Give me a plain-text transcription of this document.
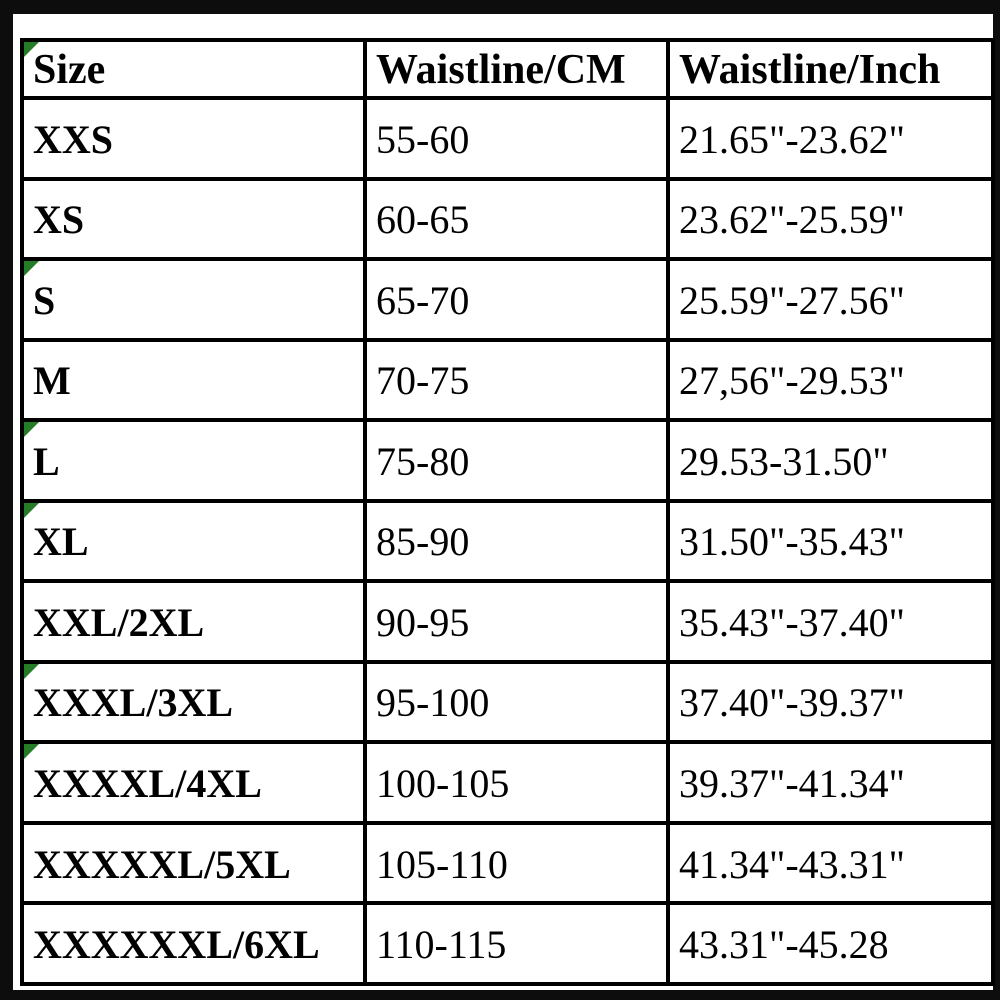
Size	Waistline/CM	Waistline/Inch
XXS	55-60	21.65"-23.62"
XS	60-65	23.62"-25.59"

S	65-70	25.59"-27.56"
M	70-75	27,56"-29.53"

L	75-80	29.53-31.50"

XL	85-90	31.50"-35.43"
XXL/2XL	90-95	35.43"-37.40"

XXXL/3XL	95-100	37.40"-39.37"

XXXXL/4XL	100-105	39.37"-41.34"
XXXXXL/5XL	105-110	41.34"-43.31"
XXXXXXL/6XL	110-115	43.31"-45.28
